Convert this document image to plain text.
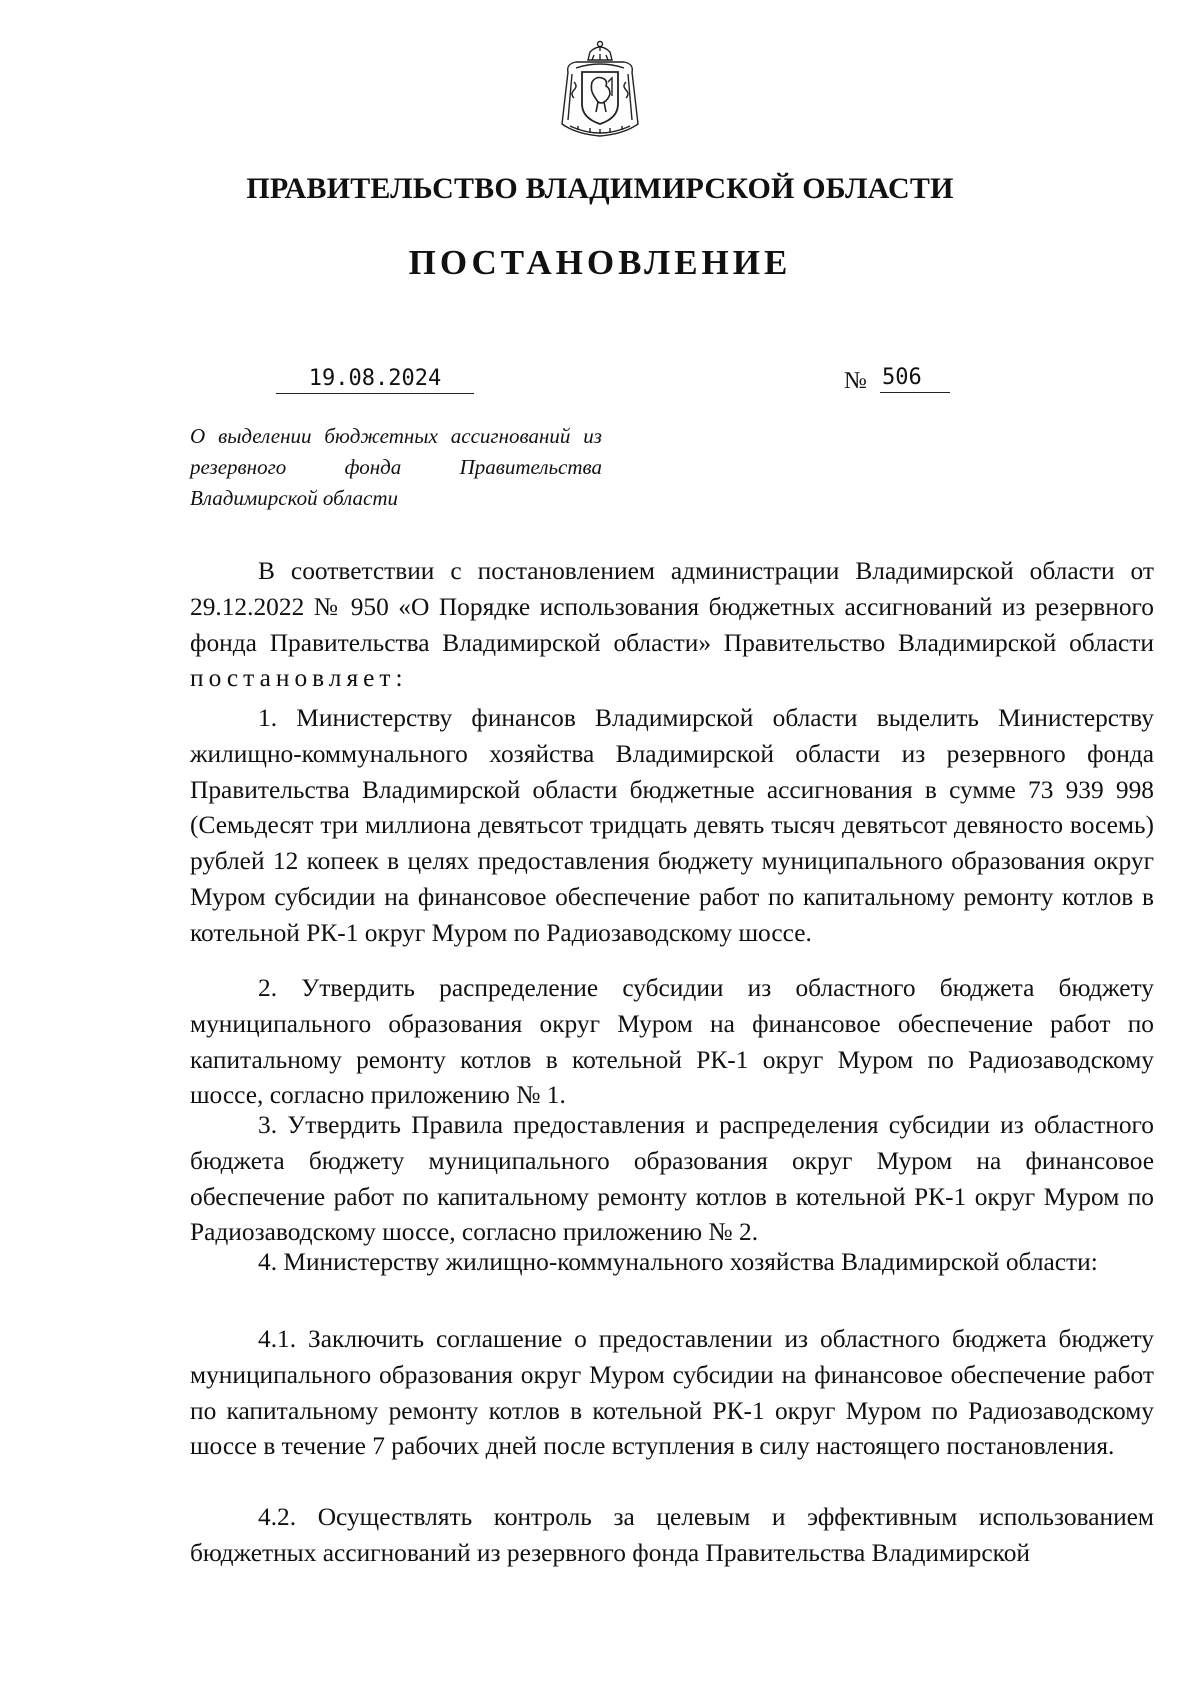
ПРАВИТЕЛЬСТВО ВЛАДИМИРСКОЙ ОБЛАСТИ
ПОСТАНОВЛЕНИЕ
19.08.2024	№ 506
О выделении бюджетных ассигнований из резервного фонда Правительства Владимирской области

В соответствии с постановлением администрации Владимирской области от 29.12.2022 № 950 «О Порядке использования бюджетных ассигнований из резервного фонда Правительства Владимирской области» Правительство Владимирской области постановляет:

1. Министерству финансов Владимирской области выделить Министерству жилищно-коммунального хозяйства Владимирской области из резервного фонда Правительства Владимирской области бюджетные ассигнования в сумме 73 939 998 (Семьдесят три миллиона девятьсот тридцать девять тысяч девятьсот девяносто восемь) рублей 12 копеек в целях предоставления бюджету муниципального образования округ Муром субсидии на финансовое обеспечение работ по капитальному ремонту котлов в котельной РК-1 округ Муром по Радиозаводскому шоссе.

2. Утвердить распределение субсидии из областного бюджета бюджету муниципального образования округ Муром на финансовое обеспечение работ по капитальному ремонту котлов в котельной РК-1 округ Муром по Радиозаводскому шоссе, согласно приложению № 1.

3. Утвердить Правила предоставления и распределения субсидии из областного бюджета бюджету муниципального образования округ Муром на финансовое обеспечение работ по капитальному ремонту котлов в котельной РК-1 округ Муром по Радиозаводскому шоссе, согласно приложению № 2.

4. Министерству жилищно-коммунального хозяйства Владимирской области:

4.1. Заключить соглашение о предоставлении из областного бюджета бюджету муниципального образования округ Муром субсидии на финансовое обеспечение работ по капитальному ремонту котлов в котельной РК-1 округ Муром по Радиозаводскому шоссе в течение 7 рабочих дней после вступления в силу настоящего постановления.

4.2. Осуществлять контроль за целевым и эффективным использованием бюджетных ассигнований из резервного фонда Правительства Владимирской
